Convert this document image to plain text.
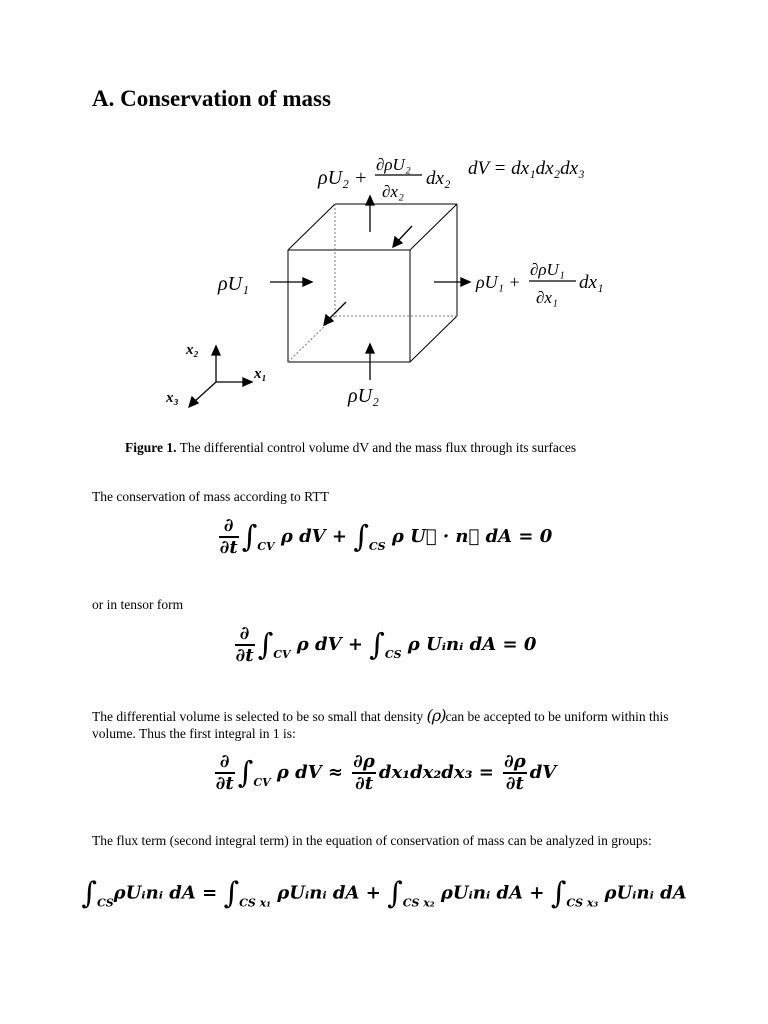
A. Conservation of mass
ρU₂ +
∂ρU₂
∂x₂
dx₂ dV = dx₁dx₂dx₃
ρU₁	ρU₁ +
∂ρU₁
∂x₁
dx₁
ρU₂
x₁
x₂
x₃
Figure 1. The differential control volume dV and the mass flux through its surfaces
The conservation of mass according to RTT
$\frac{\partial}{\partial t} \int_{CV}$ ρ dV + $\int_{CS}$ ρ U⃗ · n⃗ dA = 0
or in tensor form
$\frac{\partial}{\partial t} \int_{CV}$ ρ dV + $\int_{CS}$ ρ Uᵢnᵢ dA = 0
The differential volume is selected to be so small that density (ρ)can be accepted to be uniform within this volume. Thus the first integral in 1 is:
$\frac{\partial}{\partial t} \int_{CV}$ ρ dV ≈ $\frac{\partial\rho}{\partial t} dx_1dx_2dx_3 = \frac{\partial\rho}{\partial t}$ dV
The flux term (second integral term) in the equation of conservation of mass can be analyzed in groups:
$\int_{CS}\rho Uᵢnᵢ$ dA = $\int_{CS x_1}$ ρUᵢnᵢ dA + $\int_{CS x_2}$ ρUᵢnᵢ dA + $\int_{CS x_3}$ ρUᵢnᵢ dA
